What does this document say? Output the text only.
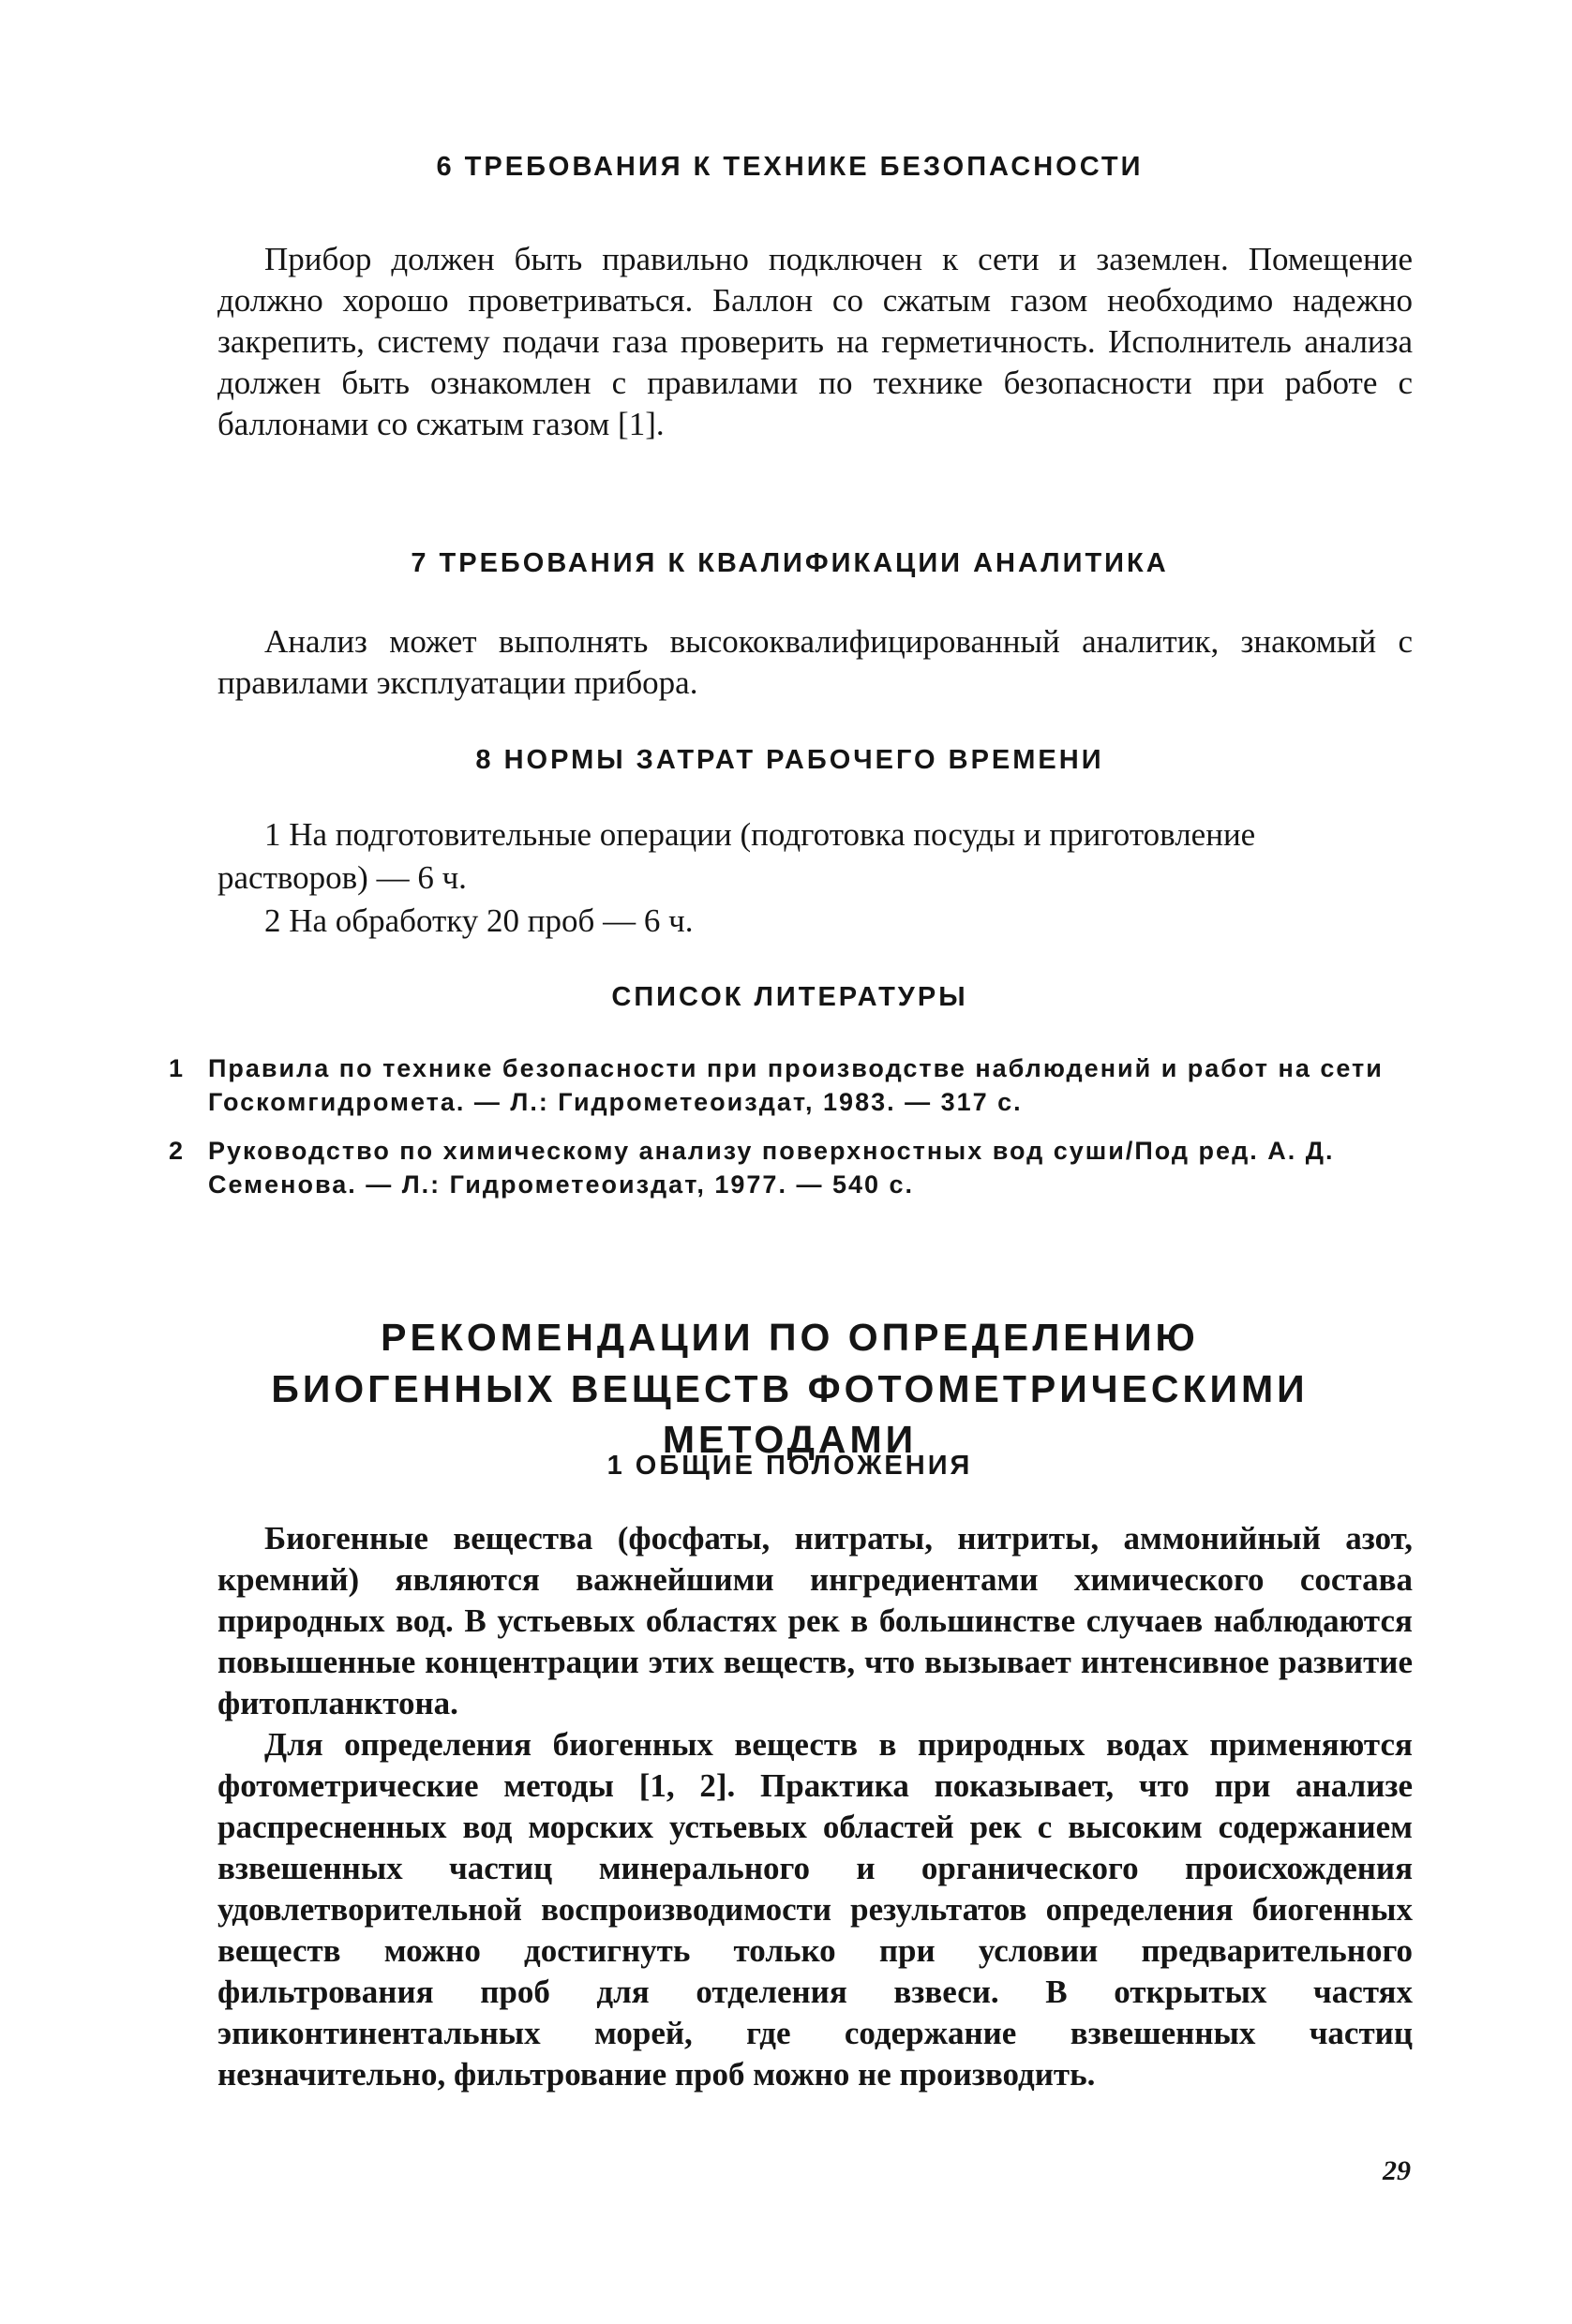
6 ТРЕБОВАНИЯ К ТЕХНИКЕ БЕЗОПАСНОСТИ

Прибор должен быть правильно подключен к сети и заземлен. Помещение должно хорошо проветриваться. Баллон со сжатым газом необходимо надежно закрепить, систему подачи газа проверить на герметичность. Исполнитель анализа должен быть ознакомлен с правилами по технике безопасности при работе с баллонами со сжатым газом [1].

7 ТРЕБОВАНИЯ К КВАЛИФИКАЦИИ АНАЛИТИКА

Анализ может выполнять высококвалифицированный аналитик, знакомый с правилами эксплуатации прибора.

8 НОРМЫ ЗАТРАТ РАБОЧЕГО ВРЕМЕНИ
1 На подготовительные операции (подготовка посуды и приготовление растворов) — 6 ч.
2 На обработку 20 проб — 6 ч.
СПИСОК ЛИТЕРАТУРЫ
1 Правила по технике безопасности при производстве наблюдений и работ на сети Госкомгидромета. — Л.: Гидрометеоиздат, 1983. — 317 с.
2 Руководство по химическому анализу поверхностных вод суши/Под ред. А. Д. Семенова. — Л.: Гидрометеоиздат, 1977. — 540 с.
РЕКОМЕНДАЦИИ ПО ОПРЕДЕЛЕНИЮ
БИОГЕННЫХ ВЕЩЕСТВ ФОТОМЕТРИЧЕСКИМИ МЕТОДАМИ
1 ОБЩИЕ ПОЛОЖЕНИЯ

Биогенные вещества (фосфаты, нитраты, нитриты, аммонийный азот, кремний) являются важнейшими ингредиентами химического состава природных вод. В устьевых областях рек в большинстве случаев наблюдаются повышенные концентрации этих веществ, что вызывает интенсивное развитие фитопланктона.

Для определения биогенных веществ в природных водах применяются фотометрические методы [1, 2]. Практика показывает, что при анализе распресненных вод морских устьевых областей рек с высоким содержанием взвешенных частиц минерального и органического происхождения удовлетворительной воспроизводимости результатов определения биогенных веществ можно достигнуть только при условии предварительного фильтрования проб для отделения взвеси. В открытых частях эпиконтинентальных морей, где содержание взвешенных частиц незначительно, фильтрование проб можно не производить.

29
